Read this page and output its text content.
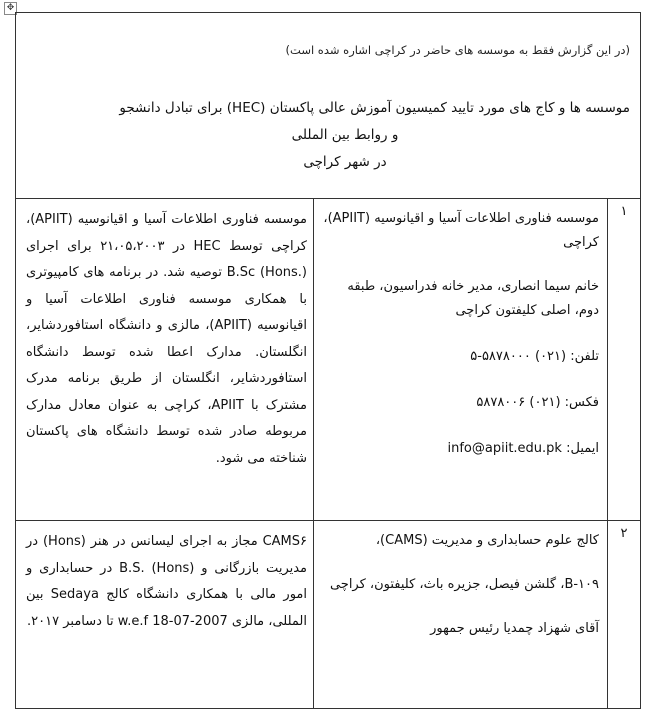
✥
(در این گزارش فقط به موسسه های حاضر در کراچی اشاره شده است)
موسسه ها و کاج های مورد تایید کمیسیون آموزش عالی پاکستان (HEC) برای تبادل دانشجو
و روابط بین المللی
در شهر کراچی
۱
موسسه فناوری اطلاعات آسیا و اقیانوسیه (APIIT)، کراچی
خانم سیما انصاری، مدیر خانه فدراسیون، طبقه دوم، اصلی کلیفتون کراچی
تلفن: (۰۲۱) ۵۸۷۸۰۰۰-۵
فکس: (۰۲۱) ۵۸۷۸۰۰۶
ایمیل: info@apiit.edu.pk
موسسه فناوری اطلاعات آسیا و اقیانوسیه (APIIT)، کراچی توسط HEC در ۲۱،۰۵،۲۰۰۳ برای اجرای B.Sc (Hons.) توصیه شد. در برنامه های کامپیوتری با همکاری موسسه فناوری اطلاعات آسیا و اقیانوسیه (APIIT)، مالزی و دانشگاه استافوردشایر، انگلستان. مدارک اعطا شده توسط دانشگاه استافوردشایر، انگلستان از طریق برنامه مدرک مشترک با APIIT، کراچی به عنوان معادل مدارک مربوطه صادر شده توسط دانشگاه های پاکستان شناخته می شود.
۲
کالج علوم حسابداری و مدیریت (CAMS)،
B-۱۰۹، گلشن فیصل، جزیره باث، کلیفتون، کراچی
آقای شهزاد چمدیا رئیس جمهور
CAMS۶ مجاز به اجرای لیسانس در هنر (Hons) در مدیریت بازرگانی و B.S. (Hons) در حسابداری و امور مالی با همکاری دانشگاه کالج Sedaya بین المللی، مالزی w.e.f 18-07-2007 تا دسامبر ۲۰۱۷.
